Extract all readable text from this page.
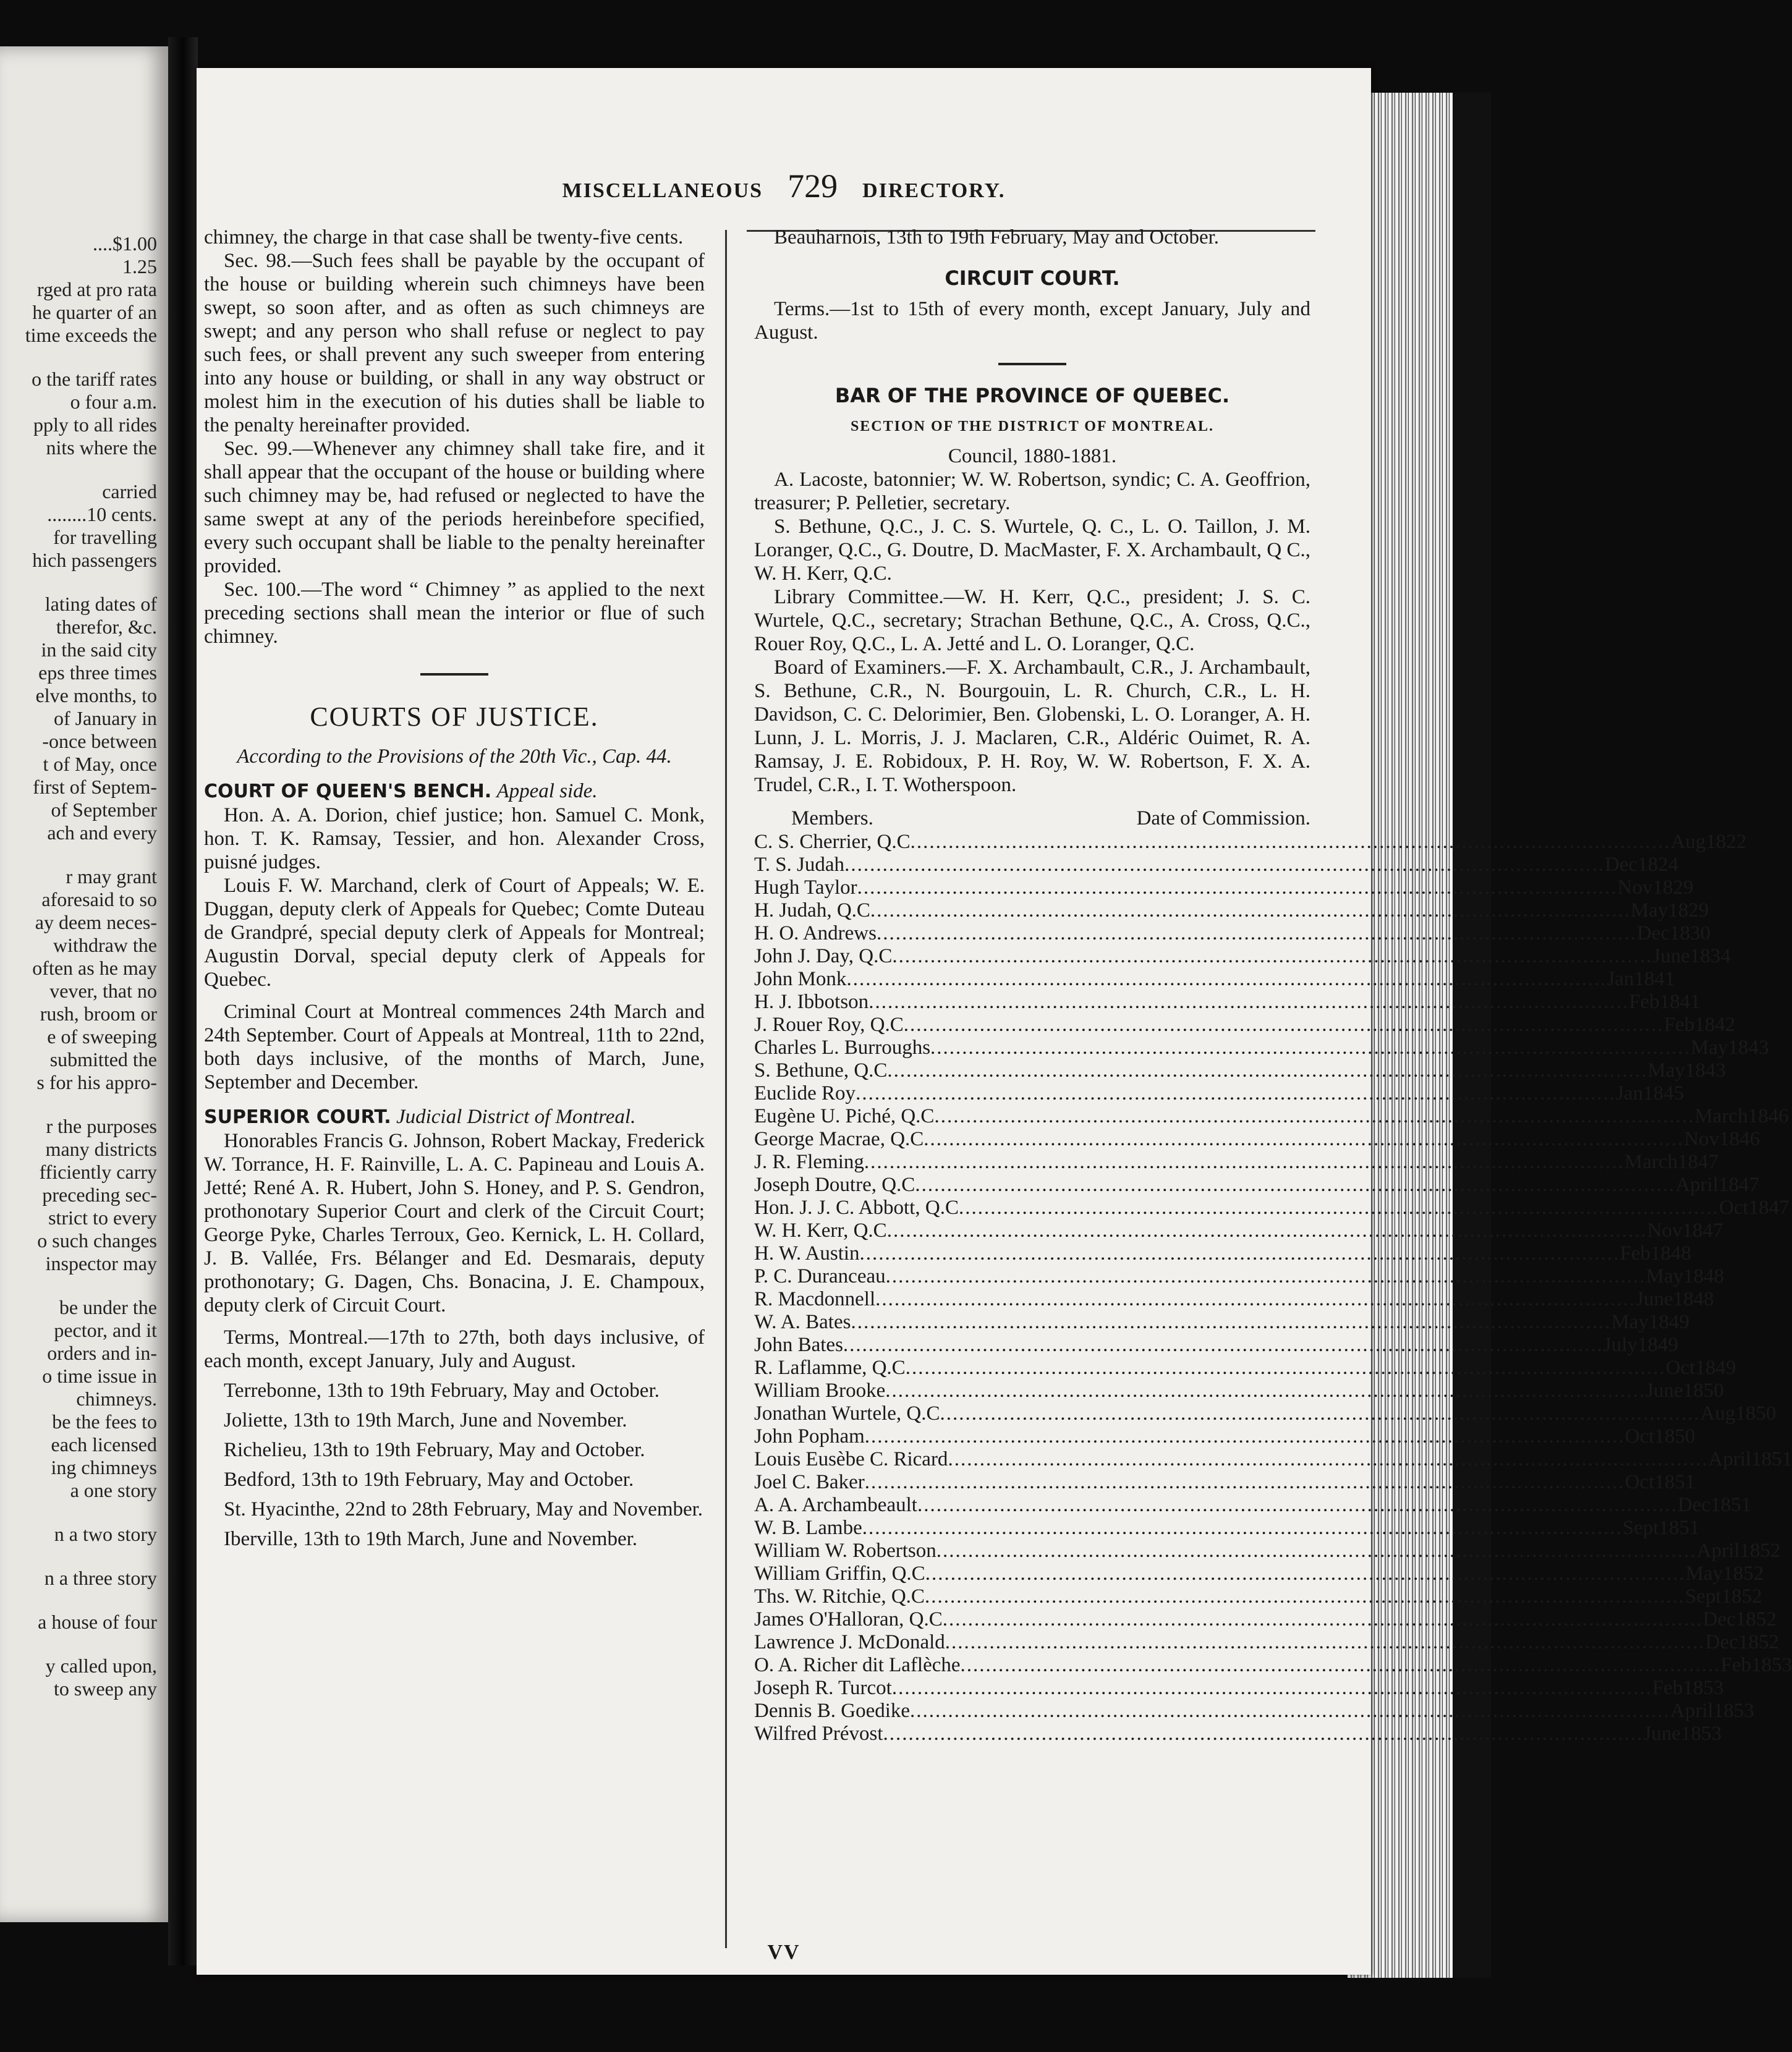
....$1.00
1.25
rged at pro rata
he quarter of an
time exceeds the
o the tariff rates
o four a.m.
pply to all rides
nits where the
carried
........10 cents.
for travelling
hich passengers
lating dates of
therefor, &c.
in the said city
eps three times
elve months, to
of January in
-once between
t of May, once
first of Septem-
of September
ach and every
r may grant
aforesaid to so
ay deem neces-
withdraw the
often as he may
vever, that no
rush, broom or
e of sweeping
submitted the
s for his appro-
r the purposes
many districts
fficiently carry
preceding sec-
strict to every
o such changes
inspector may
be under the
pector, and it
orders and in-
o time issue in
chimneys.
be the fees to
each licensed
ing chimneys
a one story
n a two story
n a three story
a house of four
y called upon,
to sweep any
MISCELLANEOUS 729 DIRECTORY.

chimney, the charge in that case shall be twenty-five cents.

Sec. 98.—Such fees shall be payable by the occupant of the house or building wherein such chimneys have been swept, so soon after, and as often as such chimneys are swept; and any person who shall refuse or neglect to pay such fees, or shall prevent any such sweeper from entering into any house or building, or shall in any way obstruct or molest him in the execution of his duties shall be liable to the penalty hereinafter provided.

Sec. 99.—Whenever any chimney shall take fire, and it shall appear that the occupant of the house or building where such chimney may be, had refused or neglected to have the same swept at any of the periods hereinbefore specified, every such occupant shall be liable to the penalty hereinafter provided.

Sec. 100.—The word “ Chimney ” as applied to the next preceding sections shall mean the interior or flue of such chimney.

COURTS OF JUSTICE.

According to the Provisions of the 20th Vic., Cap. 44.

COURT OF QUEEN'S BENCH. Appeal side.

Hon. A. A. Dorion, chief justice; hon. Samuel C. Monk, hon. T. K. Ramsay, Tessier, and hon. Alexander Cross, puisné judges.

Louis F. W. Marchand, clerk of Court of Appeals; W. E. Duggan, deputy clerk of Appeals for Quebec; Comte Duteau de Grandpré, special deputy clerk of Appeals for Montreal; Augustin Dorval, special deputy clerk of Appeals for Quebec.

Criminal Court at Montreal commences 24th March and 24th September. Court of Appeals at Montreal, 11th to 22nd, both days inclusive, of the months of March, June, September and December.

SUPERIOR COURT. Judicial District of Montreal.

Honorables Francis G. Johnson, Robert Mackay, Frederick W. Torrance, H. F. Rainville, L. A. C. Papineau and Louis A. Jetté; René A. R. Hubert, John S. Honey, and P. S. Gendron, prothonotary Superior Court and clerk of the Circuit Court; George Pyke, Charles Terroux, Geo. Kernick, L. H. Collard, J. B. Vallée, Frs. Bélanger and Ed. Desmarais, deputy prothonotary; G. Dagen, Chs. Bonacina, J. E. Champoux, deputy clerk of Circuit Court.

Terms, Montreal.—17th to 27th, both days inclusive, of each month, except January, July and August.

Terrebonne, 13th to 19th February, May and October.

Joliette, 13th to 19th March, June and November.

Richelieu, 13th to 19th February, May and October.

Bedford, 13th to 19th February, May and October.

St. Hyacinthe, 22nd to 28th February, May and November.

Iberville, 13th to 19th March, June and November.

Beauharnois, 13th to 19th February, May and October.

CIRCUIT COURT.

Terms.—1st to 15th of every month, except January, July and August.

BAR OF THE PROVINCE OF QUEBEC.
SECTION OF THE DISTRICT OF MONTREAL.

Council, 1880-1881.

A. Lacoste, batonnier; W. W. Robertson, syndic; C. A. Geoffrion, treasurer; P. Pelletier, secretary.

S. Bethune, Q.C., J. C. S. Wurtele, Q. C., L. O. Taillon, J. M. Loranger, Q.C., G. Doutre, D. MacMaster, F. X. Archambault, Q C., W. H. Kerr, Q.C.

Library Committee.—W. H. Kerr, Q.C., president; J. S. C. Wurtele, Q.C., secretary; Strachan Bethune, Q.C., A. Cross, Q.C., Rouer Roy, Q.C., L. A. Jetté and L. O. Loranger, Q.C.

Board of Examiners.—F. X. Archambault, C.R., J. Archambault, S. Bethune, C.R., N. Bourgouin, L. R. Church, C.R., L. H. Davidson, C. C. Delorimier, Ben. Globenski, L. O. Loranger, A. H. Lunn, J. L. Morris, J. J. Maclaren, C.R., Aldéric Ouimet, R. A. Ramsay, J. E. Robidoux, P. H. Roy, W. W. Robertson, F. X. A. Trudel, C.R., I. T. Wotherspoon.

Members.	Date of Commission.
C. S. Cherrier, Q.C ........................................................................................................................ Aug 1822
T. S. Judah ........................................................................................................................ Dec 1824
Hugh Taylor ........................................................................................................................ Nov 1829
H. Judah, Q.C ........................................................................................................................ May 1829
H. O. Andrews ........................................................................................................................ Dec 1830
John J. Day, Q.C ........................................................................................................................ June 1834
John Monk ........................................................................................................................ Jan 1841
H. J. Ibbotson ........................................................................................................................ Feb 1841
J. Rouer Roy, Q.C ........................................................................................................................ Feb 1842
Charles L. Burroughs ........................................................................................................................ May 1843
S. Bethune, Q.C ........................................................................................................................ May 1843
Euclide Roy ........................................................................................................................ Jan 1845
Eugène U. Piché, Q.C ........................................................................................................................ March 1846
George Macrae, Q.C ........................................................................................................................ Nov 1846
J. R. Fleming ........................................................................................................................ March 1847
Joseph Doutre, Q.C ........................................................................................................................ April 1847
Hon. J. J. C. Abbott, Q.C ........................................................................................................................ Oct 1847
W. H. Kerr, Q.C ........................................................................................................................ Nov 1847
H. W. Austin ........................................................................................................................ Feb 1848
P. C. Duranceau ........................................................................................................................ May 1848
R. Macdonnell ........................................................................................................................ June 1848
W. A. Bates ........................................................................................................................ May 1849
John Bates ........................................................................................................................ July 1849
R. Laflamme, Q.C ........................................................................................................................ Oct 1849
William Brooke ........................................................................................................................ June 1850
Jonathan Wurtele, Q.C ........................................................................................................................ Aug 1850
John Popham ........................................................................................................................ Oct 1850
Louis Eusèbe C. Ricard ........................................................................................................................ April 1851
Joel C. Baker ........................................................................................................................ Oct 1851
A. A. Archambeault ........................................................................................................................ Dec 1851
W. B. Lambe ........................................................................................................................ Sept 1851
William W. Robertson ........................................................................................................................ April 1852
William Griffin, Q.C ........................................................................................................................ May 1852
Ths. W. Ritchie, Q.C ........................................................................................................................ Sept 1852
James O'Halloran, Q.C ........................................................................................................................ Dec 1852
Lawrence J. McDonald ........................................................................................................................ Dec 1852
O. A. Richer dit Laflèche ........................................................................................................................ Feb 1853
Joseph R. Turcot ........................................................................................................................ Feb 1853
Dennis B. Goedike ........................................................................................................................ April 1853
Wilfred Prévost ........................................................................................................................ June 1853
VV
